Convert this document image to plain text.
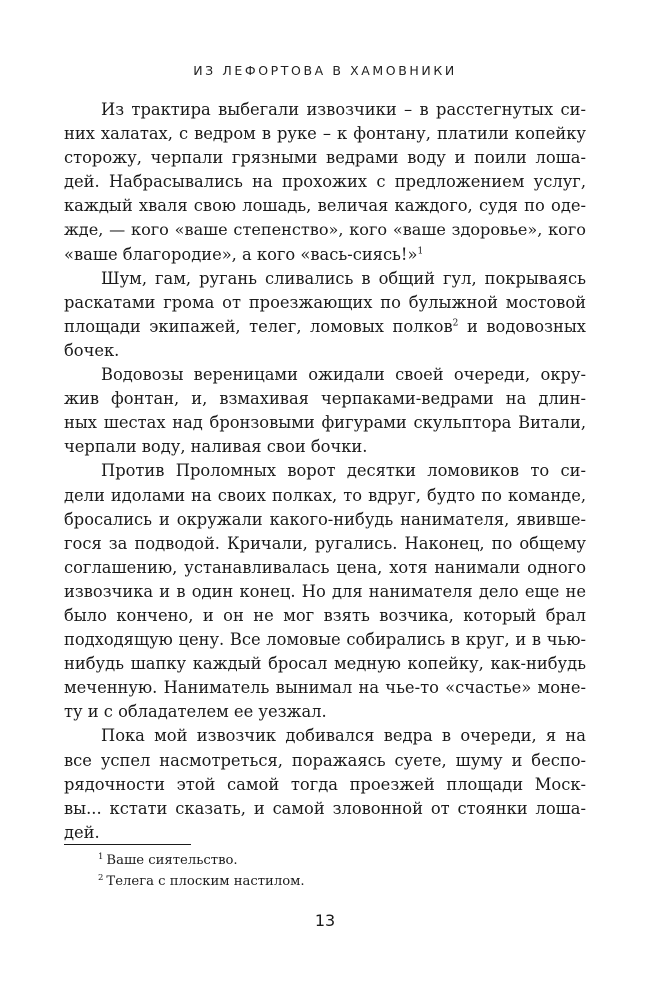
ИЗ ЛЕФОРТОВА В ХАМОВНИКИ
Из трактира выбегали извозчики – в расстегнутых си-
них халатах, с ведром в руке – к фонтану, платили копейку
сторожу, черпали грязными ведрами воду и поили лоша-
дей. Набрасывались на прохожих с предложением услуг,
каждый хваля свою лошадь, величая каждого, судя по оде-
жде, — кого «ваше степенство», кого «ваше здоровье», кого
«ваше благородие», а кого «вась-сиясь!»$^1$
Шум, гам, ругань сливались в общий гул, покрываясь
раскатами грома от проезжающих по булыжной мостовой
площади экипажей, телег, ломовых полков$^2$ и водовозных
бочек.
Водовозы вереницами ожидали своей очереди, окру-
жив фонтан, и, взмахивая черпаками-ведрами на длин-
ных шестах над бронзовыми фигурами скульптора Витали,
черпали воду, наливая свои бочки.
Против Проломных ворот десятки ломовиков то си-
дели идолами на своих полках, то вдруг, будто по команде,
бросались и окружали какого-нибудь нанимателя, явивше-
гося за подводой. Кричали, ругались. Наконец, по общему
соглашению, устанавливалась цена, хотя нанимали одного
извозчика и в один конец. Но для нанимателя дело еще не
было кончено, и он не мог взять возчика, который брал
подходящую цену. Все ломовые собирались в круг, и в чью-
нибудь шапку каждый бросал медную копейку, как-нибудь
меченную. Наниматель вынимал на чье-то «счастье» моне-
ту и с обладателем ее уезжал.
Пока мой извозчик добивался ведра в очереди, я на
все успел насмотреться, поражаясь суете, шуму и беспо-
рядочности этой самой тогда проезжей площади Моск-
вы... кстати сказать, и самой зловонной от стоянки лоша-
дей.
$^1$ Ваше сиятельство.
$^2$ Телега с плоским настилом.
13
